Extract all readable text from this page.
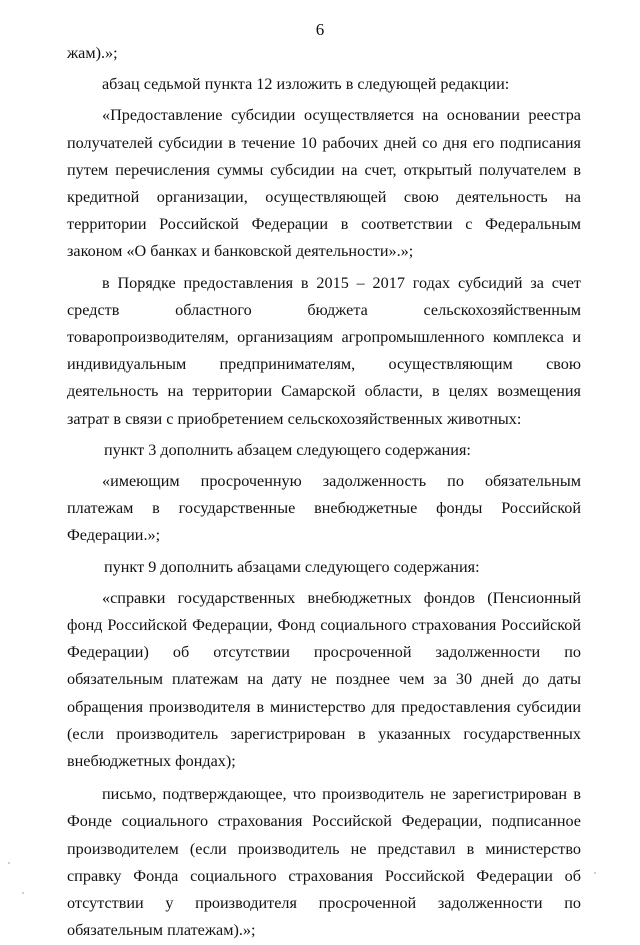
6

жам).»;

абзац седьмой пункта 12 изложить в следующей редакции:

«Предоставление субсидии осуществляется на основании реестра получателей субсидии в течение 10 рабочих дней со дня его подписания путем перечисления суммы субсидии на счет, открытый получателем в кредитной организации, осуществляющей свою деятельность на территории Российской Федерации в соответствии с Федеральным законом «О банках и банковской деятельности».»;

в Порядке предоставления в 2015 – 2017 годах субсидий за счет средств областного бюджета сельскохозяйственным товаропроизводителям, организациям агропромышленного комплекса и индивидуальным предпринимателям, осуществляющим свою деятельность на территории Самарской области, в целях возмещения затрат в связи с приобретением сельскохозяйственных животных:

пункт 3 дополнить абзацем следующего содержания:

«имеющим просроченную задолженность по обязательным платежам в государственные внебюджетные фонды Российской Федерации.»;

пункт 9 дополнить абзацами следующего содержания:

«справки государственных внебюджетных фондов (Пенсионный фонд Российской Федерации, Фонд социального страхования Российской Федерации) об отсутствии просроченной задолженности по обязательным платежам на дату не позднее чем за 30 дней до даты обращения производителя в министерство для предоставления субсидии (если производитель зарегистрирован в указанных государственных внебюджетных фондах);

письмо, подтверждающее, что производитель не зарегистрирован в Фонде социального страхования Российской Федерации, подписанное производителем (если производитель не представил в министерство справку Фонда социального страхования Российской Федерации об отсутствии у производителя просроченной задолженности по обязательным платежам).»;
